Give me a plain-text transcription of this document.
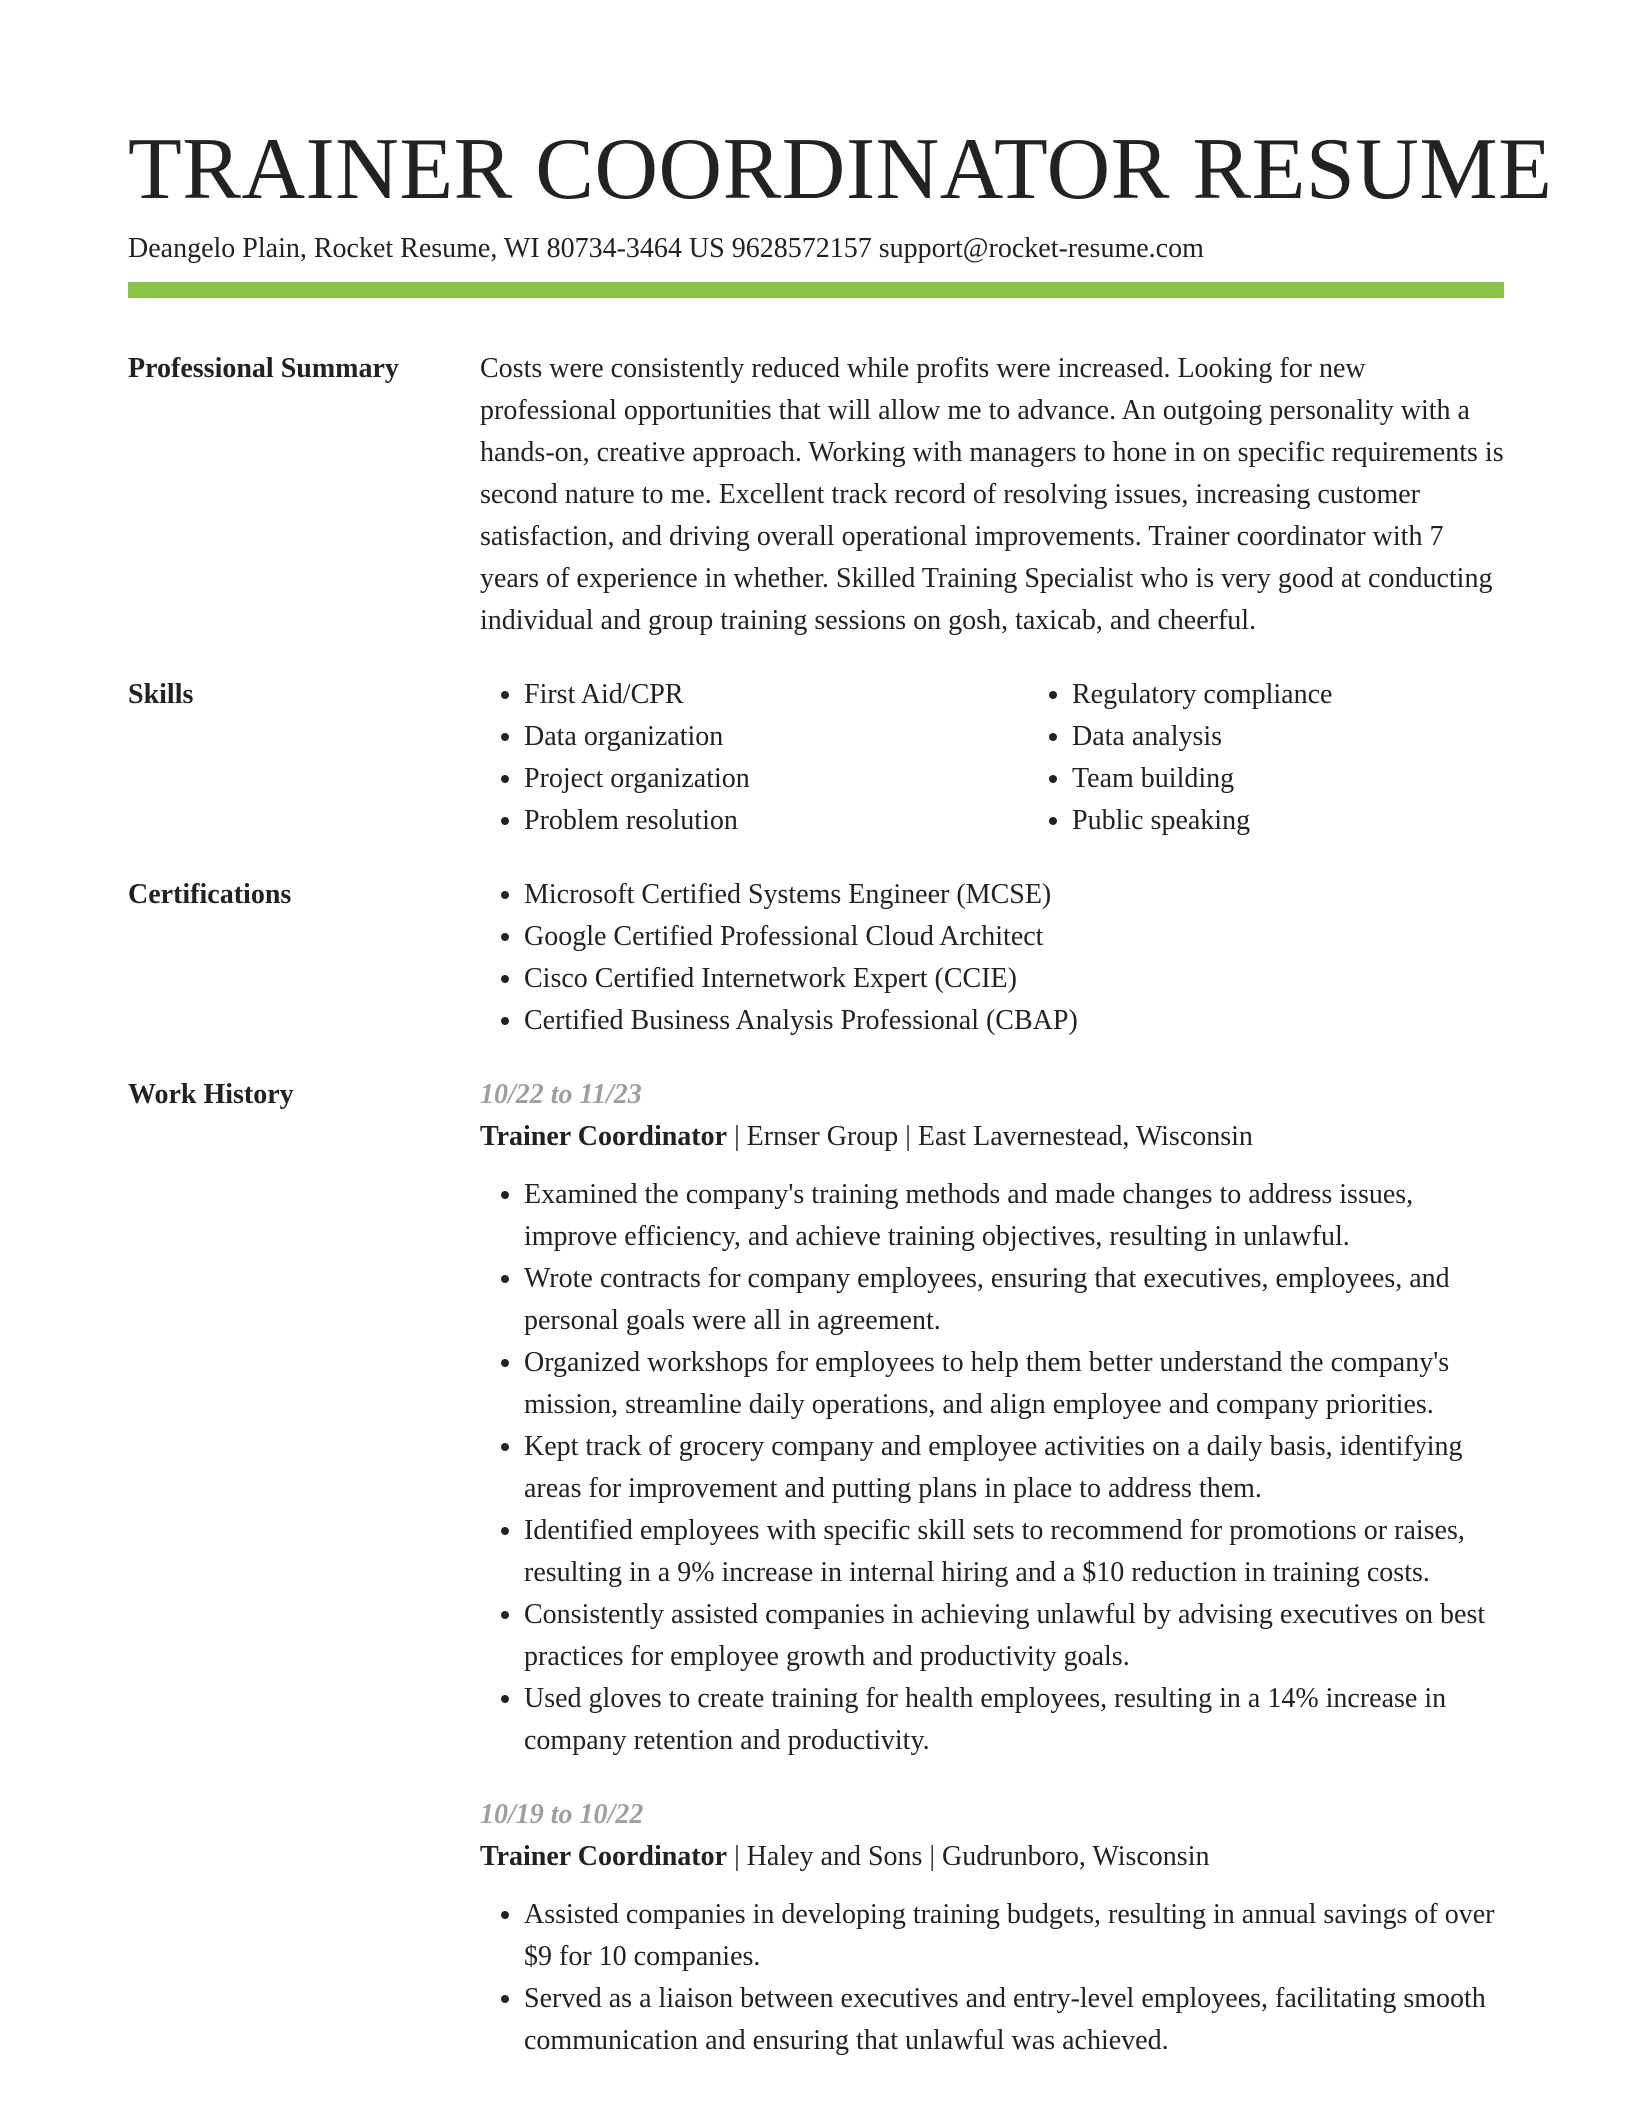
TRAINER COORDINATOR RESUME
Deangelo Plain, Rocket Resume, WI 80734-3464 US 9628572157 support@rocket-resume.com
Professional Summary	Costs were consistently reduced while profits were increased. Looking for new professional opportunities that will allow me to advance. An outgoing personality with a hands-on, creative approach. Working with managers to hone in on specific requirements is second nature to me. Excellent track record of resolving issues, increasing customer satisfaction, and driving overall operational improvements. Trainer coordinator with 7 years of experience in whether. Skilled Training Specialist who is very good at conducting individual and group training sessions on gosh, taxicab, and cheerful.

Skills	• First Aid/CPR
• Data organization
• Project organization
• Problem resolution
• Regulatory compliance
• Data analysis
• Team building
• Public speaking
Certifications	• Microsoft Certified Systems Engineer (MCSE)
• Google Certified Professional Cloud Architect
• Cisco Certified Internetwork Expert (CCIE)
• Certified Business Analysis Professional (CBAP)
Work History	10/22 to 11/23
Trainer Coordinator | Ernser Group | East Lavernestead, Wisconsin
• Examined the company's training methods and made changes to address issues, improve efficiency, and achieve training objectives, resulting in unlawful.
• Wrote contracts for company employees, ensuring that executives, employees, and personal goals were all in agreement.
• Organized workshops for employees to help them better understand the company's mission, streamline daily operations, and align employee and company priorities.
• Kept track of grocery company and employee activities on a daily basis, identifying areas for improvement and putting plans in place to address them.
• Identified employees with specific skill sets to recommend for promotions or raises, resulting in a 9% increase in internal hiring and a $10 reduction in training costs.
• Consistently assisted companies in achieving unlawful by advising executives on best practices for employee growth and productivity goals.
• Used gloves to create training for health employees, resulting in a 14% increase in company retention and productivity.
10/19 to 10/22
Trainer Coordinator | Haley and Sons | Gudrunboro, Wisconsin
• Assisted companies in developing training budgets, resulting in annual savings of over $9 for 10 companies.
• Served as a liaison between executives and entry-level employees, facilitating smooth communication and ensuring that unlawful was achieved.
